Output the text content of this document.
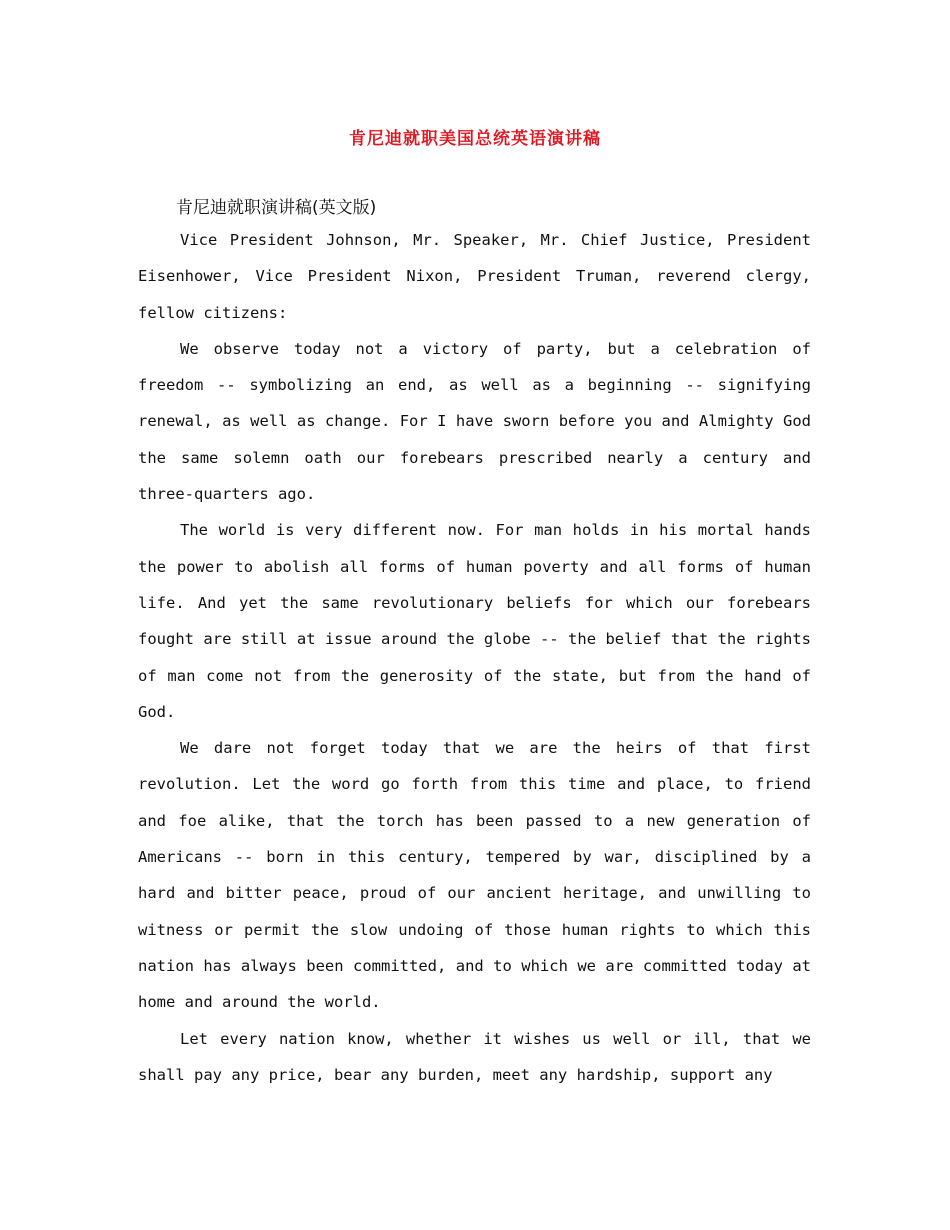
肯尼迪就职美国总统英语演讲稿
肯尼迪就职演讲稿(英文版)

Vice President Johnson, Mr. Speaker, Mr. Chief Justice, President Eisenhower, Vice President Nixon, President Truman, reverend clergy, fellow citizens:

We observe today not a victory of party, but a celebration of freedom -- symbolizing an end, as well as a beginning -- signifying renewal, as well as change. For I have sworn before you and Almighty God the same solemn oath our forebears prescribed nearly a century and three-quarters ago.

The world is very different now. For man holds in his mortal hands the power to abolish all forms of human poverty and all forms of human life. And yet the same revolutionary beliefs for which our forebears fought are still at issue around the globe -- the belief that the rights of man come not from the generosity of the state, but from the hand of God.

We dare not forget today that we are the heirs of that first revolution. Let the word go forth from this time and place, to friend and foe alike, that the torch has been passed to a new generation of Americans -- born in this century, tempered by war, disciplined by a hard and bitter peace, proud of our ancient heritage, and unwilling to witness or permit the slow undoing of those human rights to which this nation has always been committed, and to which we are committed today at home and around the world.

Let every nation know, whether it wishes us well or ill, that we shall pay any price, bear any burden, meet any hardship, support any
